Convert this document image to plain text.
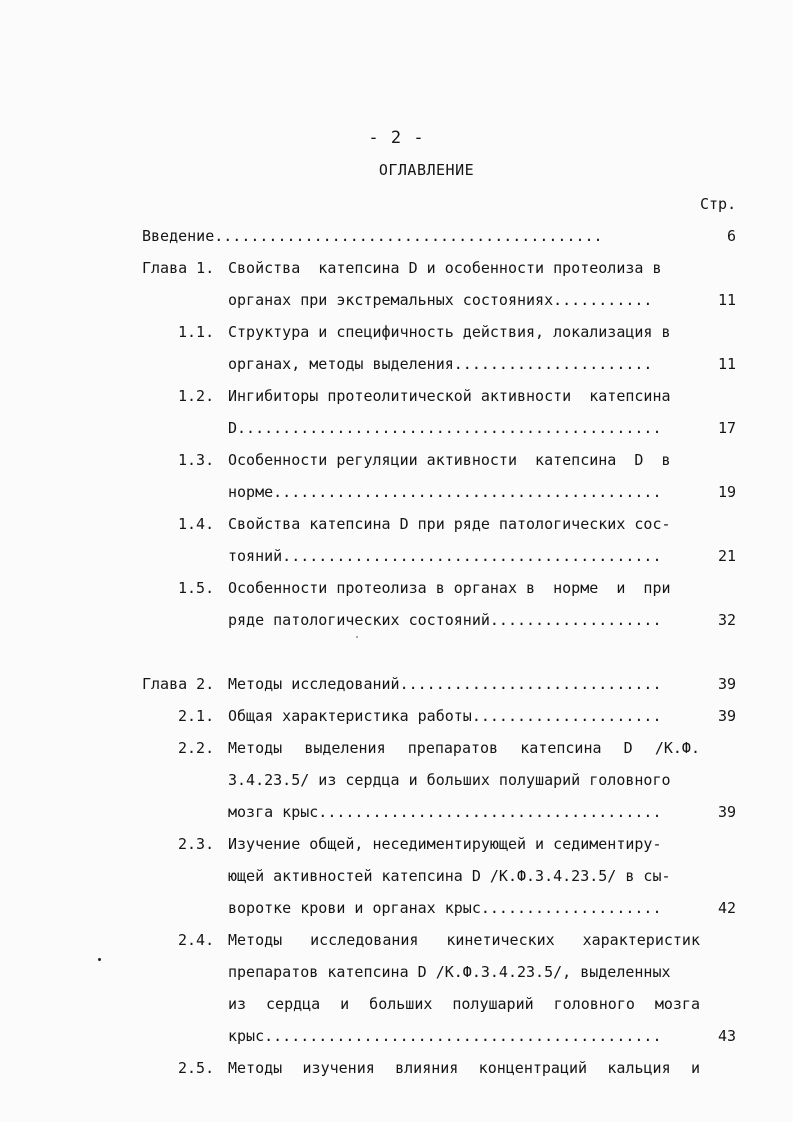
- 2 -
ОГЛАВЛЕНИЕ
Стр.
Введение...........................................	6
Глава 1. Свойства  катепсина D и особенности протеолиза в
органах при экстремальных состояниях...........	11
1.1. Структура и специфичность действия, локализация в
органах, методы выделения......................	11
1.2. Ингибиторы протеолитической активности  катепсина
D...............................................	17
1.3. Особенности регуляции активности  катепсина  D  в
норме...........................................	19
1.4. Свойства катепсина D при ряде патологических сос-
тояний..........................................	21
1.5. Особенности протеолиза в органах в  норме  и  при
ряде патологических состояний...................	32
Глава 2. Методы исследований.............................	39
2.1. Общая характеристика работы.....................	39
2.2. Методы выделения препаратов катепсина D /К.Ф.
3.4.23.5/ из сердца и больших полушарий головного
мозга крыс......................................	39
2.3. Изучение общей, неседиментирующей и седиментиру-
ющей активностей катепсина D /К.Ф.3.4.23.5/ в сы-
воротке крови и органах крыс....................	42
2.4. Методы исследования кинетических характеристик
препаратов катепсина D /К.Ф.3.4.23.5/, выделенных
из сердца и больших полушарий головного мозга
крыс............................................	43
2.5. Методы изучения влияния концентраций кальция и
